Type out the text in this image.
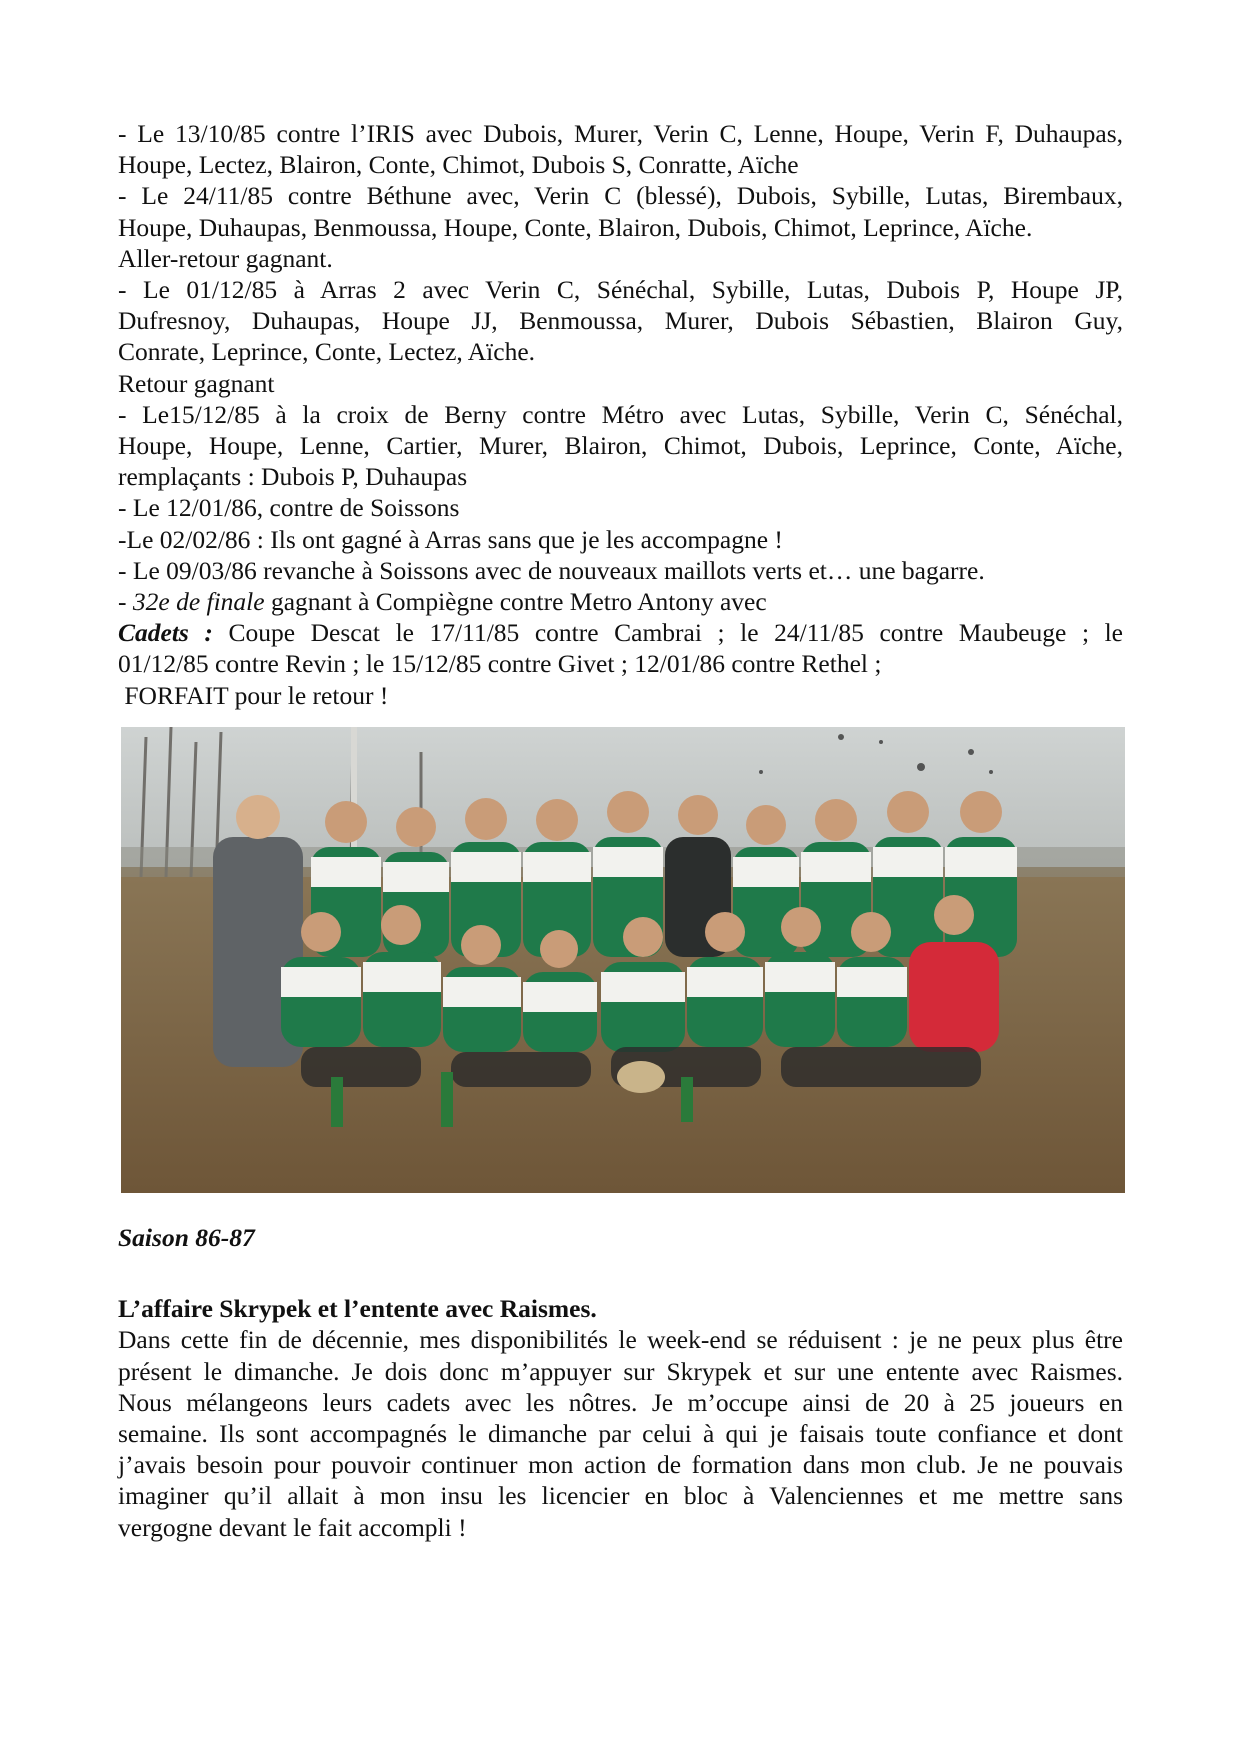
- Le 13/10/85 contre l’IRIS avec Dubois, Murer, Verin C, Lenne, Houpe, Verin F, Duhaupas,
Houpe, Lectez, Blairon, Conte, Chimot, Dubois S, Conratte, Aïche

- Le 24/11/85 contre Béthune avec, Verin C (blessé), Dubois, Sybille, Lutas, Birembaux,
Houpe, Duhaupas, Benmoussa, Houpe, Conte, Blairon, Dubois, Chimot, Leprince, Aïche.
Aller-retour gagnant.

- Le 01/12/85 à Arras 2 avec Verin C, Sénéchal, Sybille, Lutas, Dubois P, Houpe JP,
Dufresnoy, Duhaupas, Houpe JJ, Benmoussa, Murer, Dubois Sébastien, Blairon Guy,
Conrate, Leprince, Conte, Lectez, Aïche.
Retour gagnant

- Le15/12/85 à la croix de Berny contre Métro avec Lutas, Sybille, Verin C, Sénéchal,
Houpe, Houpe, Lenne, Cartier, Murer, Blairon, Chimot, Dubois, Leprince, Conte, Aïche,
remplaçants : Dubois P, Duhaupas

- Le 12/01/86, contre de Soissons

-Le 02/02/86 : Ils ont gagné à Arras sans que je les accompagne !

- Le 09/03/86 revanche à Soissons avec de nouveaux maillots verts et… une bagarre.

- 32e de finale gagnant à Compiègne contre Metro Antony avec

Cadets : Coupe Descat le 17/11/85 contre Cambrai ; le 24/11/85 contre Maubeuge ; le
01/12/85 contre Revin ; le 15/12/85 contre Givet ; 12/01/86 contre Rethel ;
FORFAIT pour le retour !

Saison 86-87

L’affaire Skrypek et l’entente avec Raismes.

Dans cette fin de décennie, mes disponibilités le week-end se réduisent : je ne peux plus être
présent le dimanche. Je dois donc m’appuyer sur Skrypek et sur une entente avec Raismes.
Nous mélangeons leurs cadets avec les nôtres. Je m’occupe ainsi de 20 à 25 joueurs en
semaine. Ils sont accompagnés le dimanche par celui à qui je faisais toute confiance et dont
j’avais besoin pour pouvoir continuer mon action de formation dans mon club. Je ne pouvais
imaginer qu’il allait à mon insu les licencier en bloc à Valenciennes et me mettre sans
vergogne devant le fait accompli !
